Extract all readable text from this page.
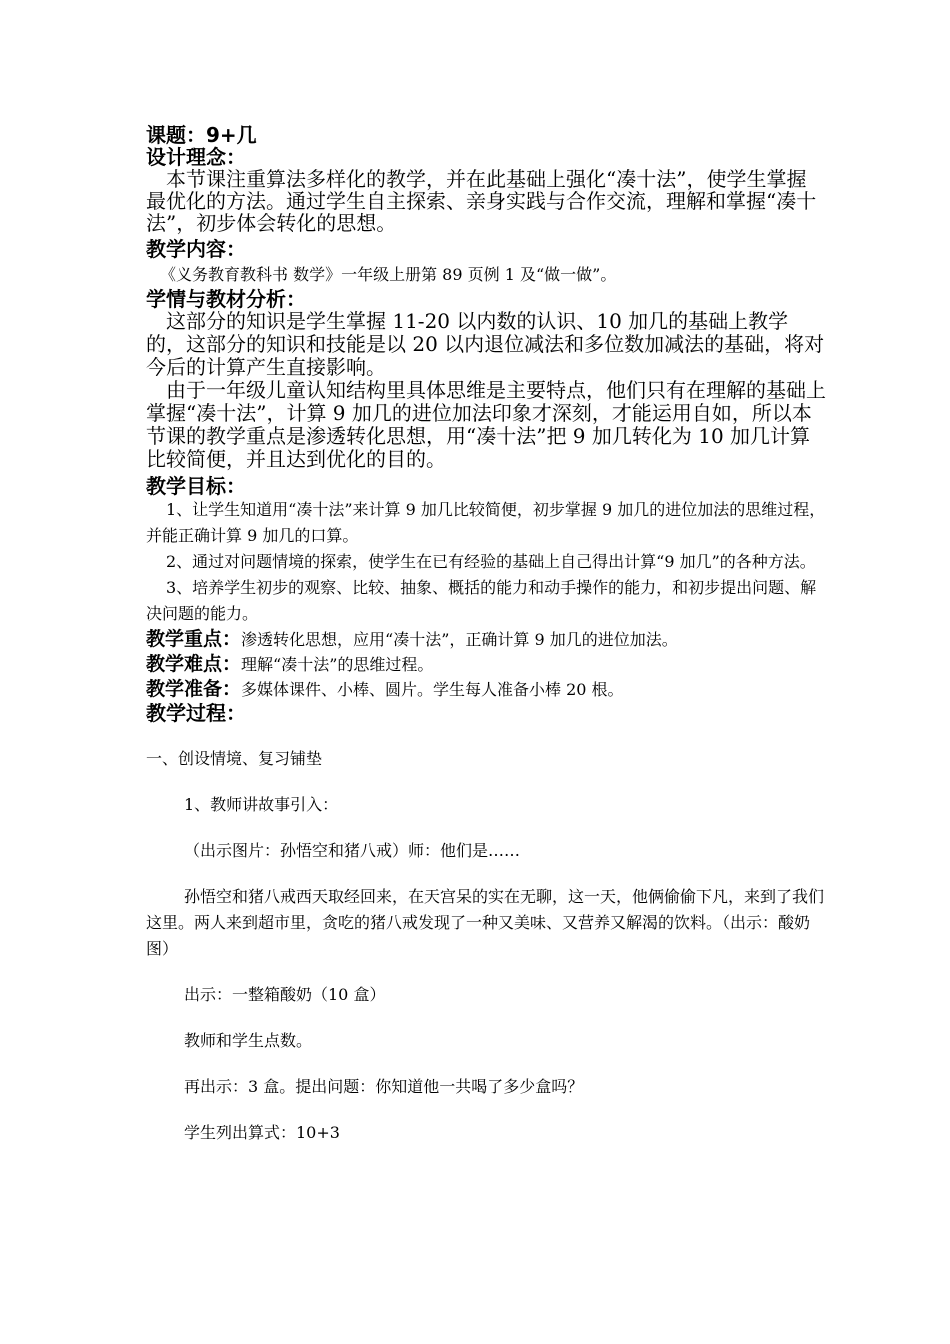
课题：9+几

设计理念：

本节课注重算法多样化的教学，并在此基础上强化“凑十法”，使学生掌握最优化的方法。通过学生自主探索、亲身实践与合作交流，理解和掌握“凑十法”，初步体会转化的思想。

教学内容：

《义务教育教科书 数学》一年级上册第 89 页例 1 及“做一做”。

学情与教材分析：

这部分的知识是学生掌握 11-20 以内数的认识、10 加几的基础上教学的，这部分的知识和技能是以 20 以内退位减法和多位数加减法的基础，将对今后的计算产生直接影响。

由于一年级儿童认知结构里具体思维是主要特点，他们只有在理解的基础上掌握“凑十法”，计算 9 加几的进位加法印象才深刻，才能运用自如，所以本节课的教学重点是渗透转化思想，用“凑十法”把 9 加几转化为 10 加几计算比较简便，并且达到优化的目的。

教学目标：

1、让学生知道用“凑十法”来计算 9 加几比较简便，初步掌握 9 加几的进位加法的思维过程，并能正确计算 9 加几的口算。

2、通过对问题情境的探索，使学生在已有经验的基础上自己得出计算“9 加几”的各种方法。

3、培养学生初步的观察、比较、抽象、概括的能力和动手操作的能力，和初步提出问题、解决问题的能力。

教学重点：渗透转化思想，应用“凑十法”，正确计算 9 加几的进位加法。

教学难点：理解“凑十法”的思维过程。

教学准备：多媒体课件、小棒、圆片。学生每人准备小棒 20 根。

教学过程：

一、创设情境、复习铺垫

1、教师讲故事引入：

（出示图片：孙悟空和猪八戒）师：他们是……

孙悟空和猪八戒西天取经回来，在天宫呆的实在无聊，这一天，他俩偷偷下凡，来到了我们这里。两人来到超市里，贪吃的猪八戒发现了一种又美味、又营养又解渴的饮料。（出示：酸奶图）

出示：一整箱酸奶（10 盒）

教师和学生点数。

再出示：3 盒。提出问题：你知道他一共喝了多少盒吗？

学生列出算式：10+3
